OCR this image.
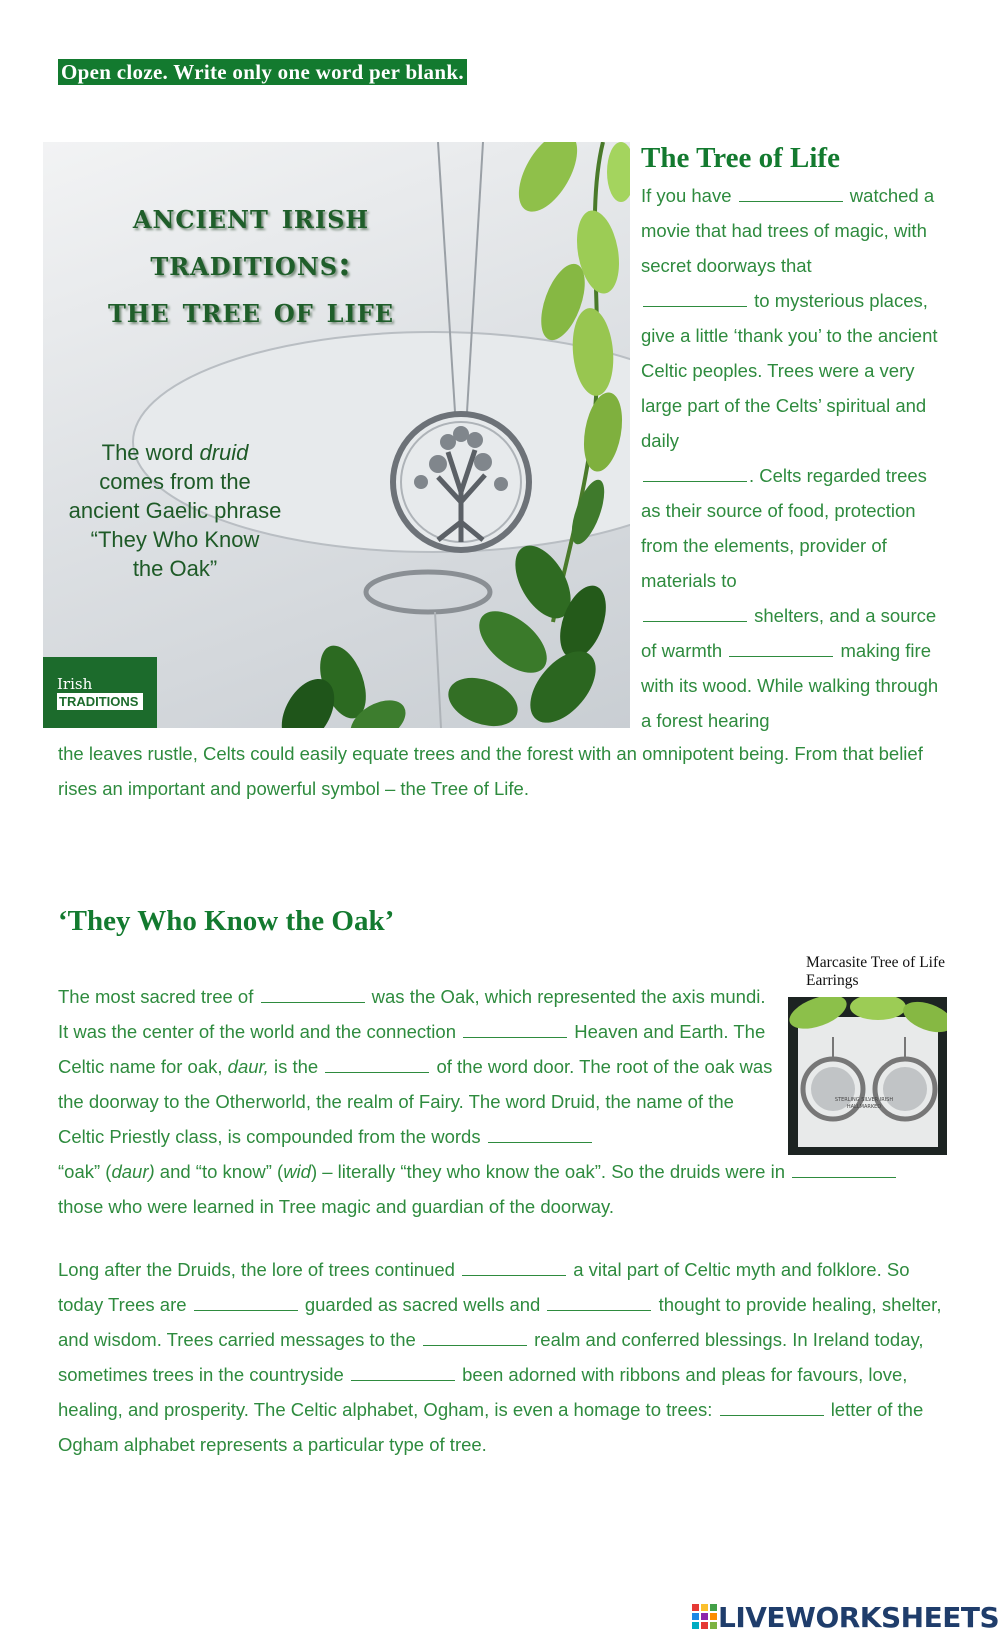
Open cloze. Write only one word per blank.
ancient irish
traditions:
the tree of life
The word druid
comes from the
ancient Gaelic phrase
“They Who Know
the Oak”
Irish
TRADITIONS
The Tree of Life

If you have	watched a movie that had trees of magic, with secret doorways that
to mysterious places, give a little ‘thank you’ to the ancient Celtic peoples. Trees were a very large part of the Celts’ spiritual and daily
. Celts regarded trees as their source of food, protection from the elements, provider of materials to
shelters, and a source of warmth	making fire with its wood. While walking through a forest hearing

the leaves rustle, Celts could easily equate trees and the forest with an omnipotent being. From that belief rises an important and powerful symbol – the Tree of Life.

‘They Who Know the Oak’
Marcasite Tree of Life Earrings
STERLING SILVER IRISH HALLMARKED

The most sacred tree of	was the Oak, which represented the axis mundi. It was the center of the world and the connection	Heaven and Earth. The Celtic name for oak, daur, is the	of the word door. The root of the oak was the doorway to the Otherworld, the realm of Fairy. The word Druid, the name of the Celtic Priestly class, is compounded from the words

“oak” (daur) and “to know” (wid) – literally “they who know the oak”. So the druids were in
those who were learned in Tree magic and guardian of the doorway.

Long after the Druids, the lore of trees continued	a vital part of Celtic myth and folklore. So today Trees are	guarded as sacred wells and	thought to provide healing, shelter, and wisdom. Trees carried messages to the	realm and conferred blessings. In Ireland today, sometimes trees in the countryside	been adorned with ribbons and pleas for favours, love, healing, and prosperity. The Celtic alphabet, Ogham, is even a homage to trees:	letter of the Ogham alphabet represents a particular type of tree.

LIVEWORKSHEETS
